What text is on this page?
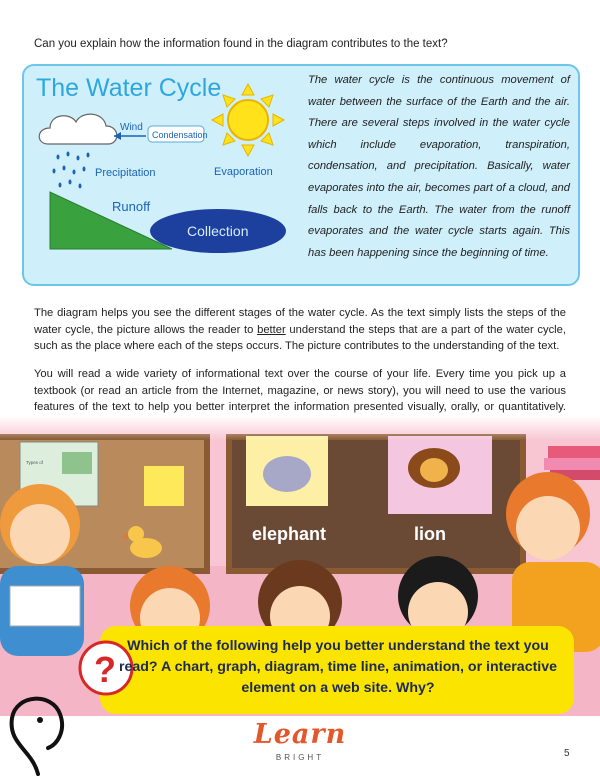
Can you explain how the information found in the diagram contributes to the text?
The Water Cycle
Wind
Condensation
Precipitation	Evaporation
Runoff
Collection
The water cycle is the continuous movement of water between the surface of the Earth and the air. There are several steps involved in the water cycle which include evaporation, transpiration, condensation, and precipitation. Basically, water evaporates into the air, becomes part of a cloud, and falls back to the Earth. The water from the runoff evaporates and the water cycle starts again. This has been happening since the beginning of time.
The diagram helps you see the different stages of the water cycle. As the text simply lists the steps of the water cycle, the picture allows the reader to better understand the steps that are a part of the water cycle, such as the place where each of the steps occurs. The picture contributes to the understanding of the text.
You will read a wide variety of informational text over the course of your life. Every time you pick up a textbook (or read an article from the Internet, magazine, or news story), you will need to use the various features of the text to help you better interpret the information presented visually, orally, or quantitatively.
Types of
elephant	lion
?
Which of the following help you better understand the text you read? A chart, graph, diagram, time line, animation, or interactive element on a web site. Why?
Learn
BRIGHT	5
